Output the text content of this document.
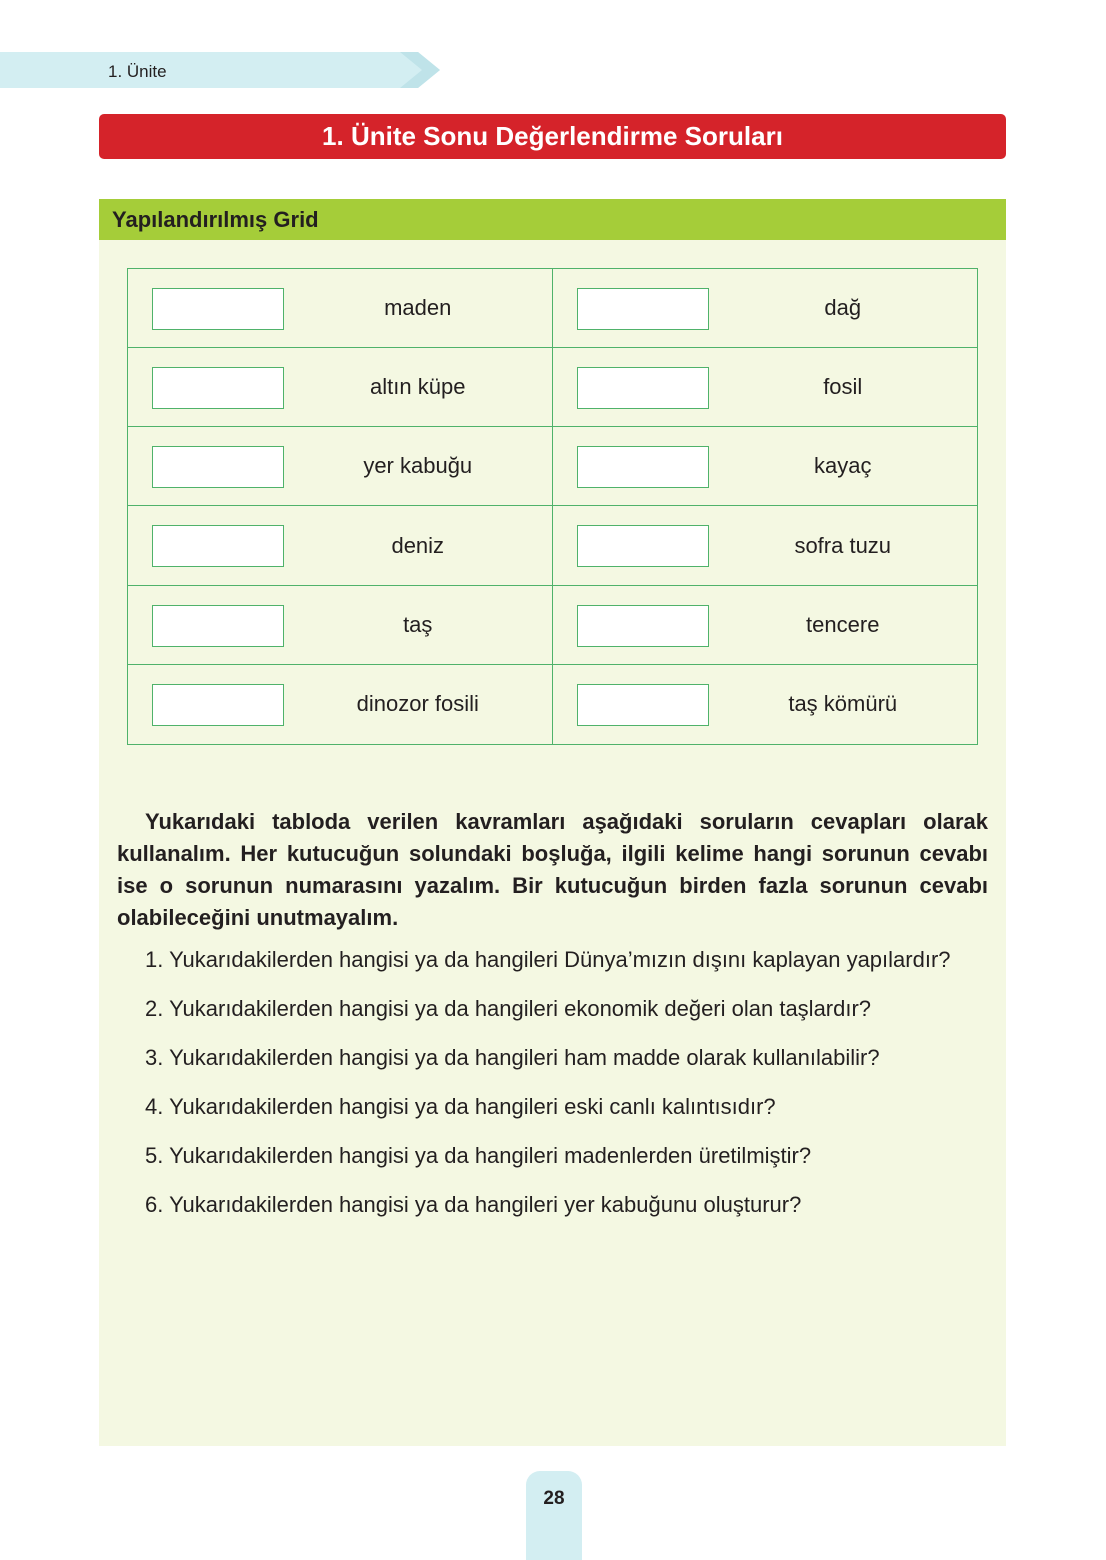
1. Ünite
1. Ünite Sonu Değerlendirme Soruları
Yapılandırılmış Grid
maden	dağ
altın küpe	fosil
yer kabuğu	kayaç
deniz	sofra tuzu
taş	tencere
dinozor fosili	taş kömürü

Yukarıdaki tabloda verilen kavramları aşağıdaki soruların cevapları olarak kullanalım. Her kutucuğun solundaki boşluğa, ilgili kelime hangi sorunun cevabı ise o sorunun numarasını yazalım. Bir kutucuğun birden fazla sorunun cevabı olabileceğini unutmayalım.

1. Yukarıdakilerden hangisi ya da hangileri Dünya’mızın dışını kaplayan yapılardır?
2. Yukarıdakilerden hangisi ya da hangileri ekonomik değeri olan taşlardır?
3. Yukarıdakilerden hangisi ya da hangileri ham madde olarak kullanılabilir?
4. Yukarıdakilerden hangisi ya da hangileri eski canlı kalıntısıdır?
5. Yukarıdakilerden hangisi ya da hangileri madenlerden üretilmiştir?
6. Yukarıdakilerden hangisi ya da hangileri yer kabuğunu oluşturur?
28
